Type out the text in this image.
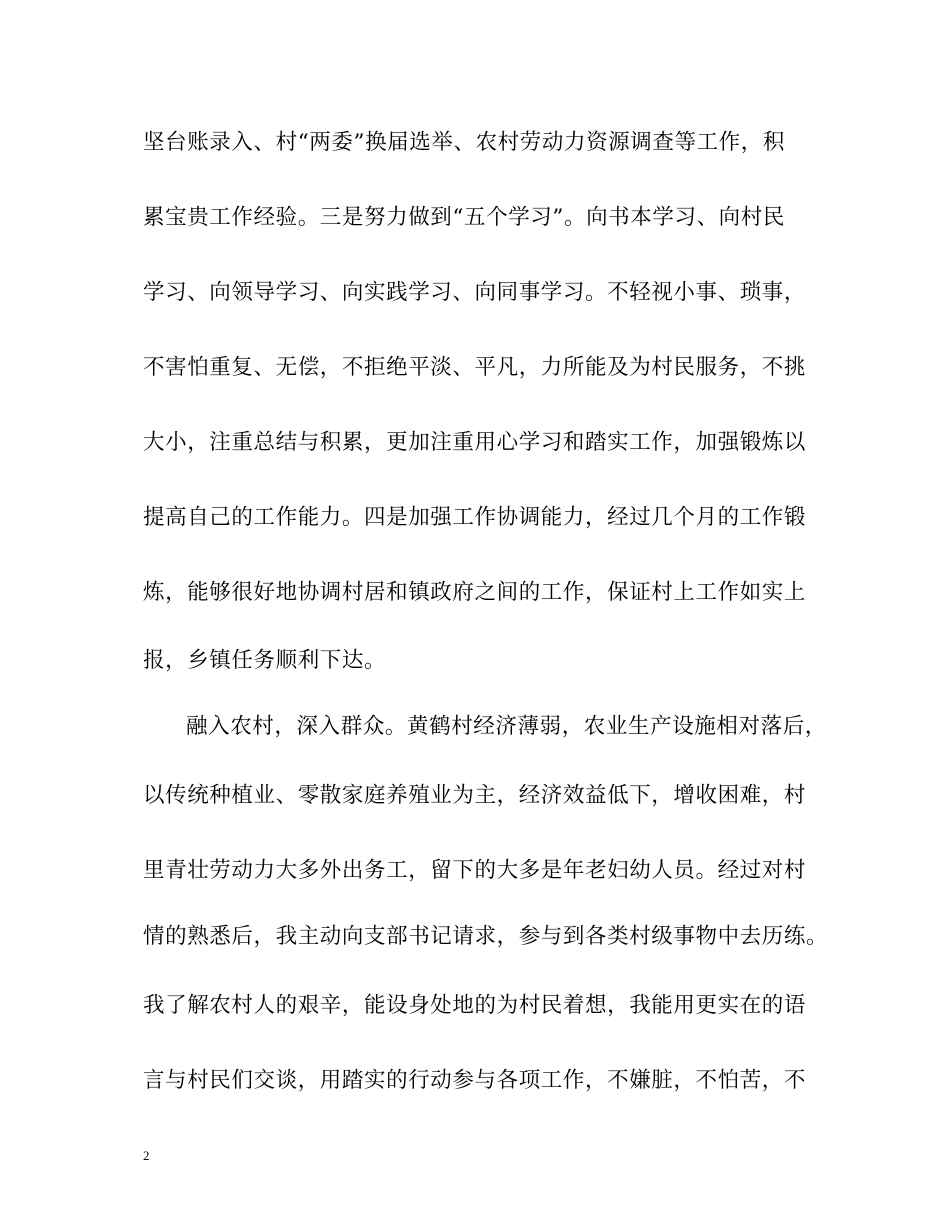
坚台账录入、村“两委”换届选举、农村劳动力资源调查等工作，积
累宝贵工作经验。三是努力做到“五个学习”。向书本学习、向村民
学习、向领导学习、向实践学习、向同事学习。不轻视小事、琐事，
不害怕重复、无偿，不拒绝平淡、平凡，力所能及为村民服务，不挑
大小，注重总结与积累，更加注重用心学习和踏实工作，加强锻炼以
提高自己的工作能力。四是加强工作协调能力，经过几个月的工作锻
炼，能够很好地协调村居和镇政府之间的工作，保证村上工作如实上
报，乡镇任务顺利下达。
融入农村，深入群众。黄鹤村经济薄弱，农业生产设施相对落后，
以传统种植业、零散家庭养殖业为主，经济效益低下，增收困难，村
里青壮劳动力大多外出务工，留下的大多是年老妇幼人员。经过对村
情的熟悉后，我主动向支部书记请求，参与到各类村级事物中去历练。
我了解农村人的艰辛，能设身处地的为村民着想，我能用更实在的语
言与村民们交谈，用踏实的行动参与各项工作，不嫌脏，不怕苦，不
2
